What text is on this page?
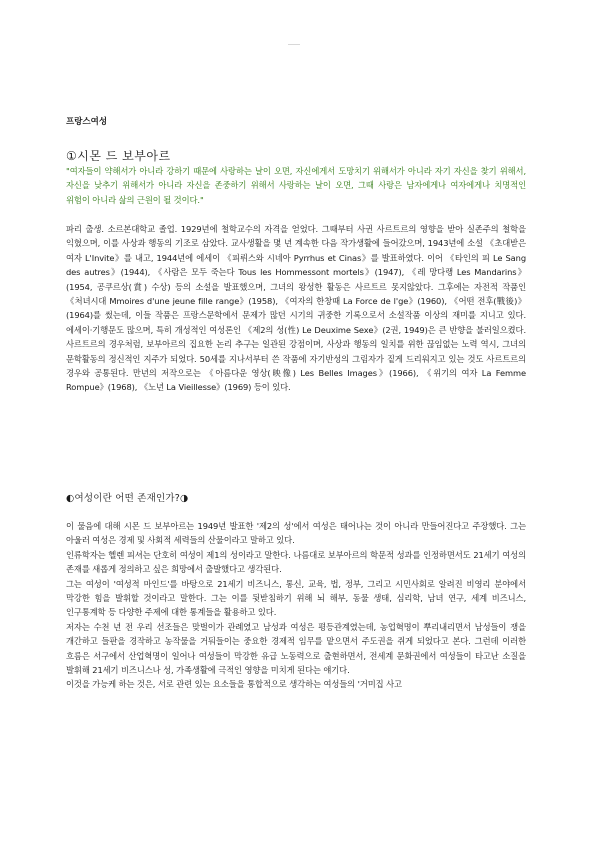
프랑스여성
①시몬 드 보부아르

"여자들이 약해서가 아니라 강하기 때문에 사랑하는 날이 오면, 자신에게서 도망치기 위해서가 아니라 자기 자신을 찾기 위해서, 자신을 낮추기 위해서가 아니라 자신을 존중하기 위해서 사랑하는 날이 오면, 그때 사랑은 남자에게나 여자에게나 치명적인 위험이 아니라 삶의 근원이 될 것이다."

파리 출생. 소르본대학교 졸업. 1929년에 철학교수의 자격을 얻었다. 그때부터 사귄 사르트르의 영향을 받아 실존주의 철학을 익혔으며, 이를 사상과 행동의 기조로 삼았다. 교사생활을 몇 년 계속한 다음 작가생활에 들어갔으며, 1943년에 소설 《초대받은 여자 L'Invite》를 내고, 1944년에 에세이 《피뤼스와 시네아 Pyrrhus et Cinas》를 발표하였다. 이어 《타인의 피 Le Sang des autres》(1944), 《사람은 모두 죽는다 Tous les Hommessont mortels》(1947), 《레 망다랭 Les Mandarins》(1954, 공쿠르상(賞) 수상) 등의 소설을 발표했으며, 그녀의 왕성한 활동은 사르트르 못지않았다. 그후에는 자전적 작품인 《처녀시대 Mmoires d'une jeune fille range》(1958), 《여자의 한창때 La Force de l'ge》(1960), 《어떤 전후(戰後)》(1964)를 썼는데, 이들 작품은 프랑스문학에서 문제가 많던 시기의 귀중한 기록으로서 소설작품 이상의 재미를 지니고 있다. 에세이·기행문도 많으며, 특히 개성적인 여성론인 《제2의 성(性) Le Deuxime Sexe》(2권, 1949)은 큰 반향을 불러일으켰다. 사르트르의 경우처럼, 보부아르의 집요한 논리 추구는 일관된 강점이며, 사상과 행동의 일치를 위한 끊임없는 노력 역시, 그녀의 문학활동의 정신적인 지주가 되었다. 50세를 지나서부터 쓴 작품에 자기반성의 그림자가 짙게 드리워지고 있는 것도 사르트르의 경우와 공통된다. 만년의 저작으로는 《아름다운 영상(映像) Les Belles Images》(1966), 《위기의 여자 La Femme Rompue》(1968), 《노년 La Vieillesse》(1969) 등이 있다.

◐여성이란 어떤 존재인가?◑

이 물음에 대해 시몬 드 보부아르는 1949년 발표한 '제2의 성'에서 여성은 태어나는 것이 아니라 만들어진다고 주장했다. 그는 아울러 여성은 경제 및 사회적 세력들의 산물이라고 말하고 있다.

인류학자는 헬렌 피셔는 단호히 여성이 제1의 성이라고 말한다. 나름대로 보부아르의 학문적 성과를 인정하면서도 21세기 여성의 존재를 새롭게 정의하고 싶은 희망에서 출발했다고 생각된다.

그는 여성이 '여성적 마인드'를 바탕으로 21세기 비즈니스, 통신, 교육, 법, 정부, 그리고 시민사회로 알려진 비영리 분야에서 막강한 힘을 발휘할 것이라고 말한다. 그는 이를 뒷받침하기 위해 뇌 해부, 동물 생태, 심리학, 남녀 연구, 세계 비즈니스, 인구통계학 등 다양한 주제에 대한 통계들을 활용하고 있다.

저자는 수천 년 전 우리 선조들은 맞벌이가 관례였고 남성과 여성은 평등관계였는데, 농업혁명이 뿌리내리면서 남성들이 쟁을 개간하고 들판을 경작하고 농작물을 거둬들이는 중요한 경제적 임무를 맡으면서 주도권을 쥐게 되었다고 본다. 그런데 이러한 흐름은 서구에서 산업혁명이 일어나 여성들이 막강한 유급 노동력으로 출현하면서, 전세계 문화권에서 여성들이 타고난 소질을 발휘해 21세기 비즈니스나 성, 가족생활에 극적인 영향을 미치게 된다는 얘기다.

이것을 가능케 하는 것은, 서로 관련 있는 요소들을 통합적으로 생각하는 여성들의 '거미집 사고
